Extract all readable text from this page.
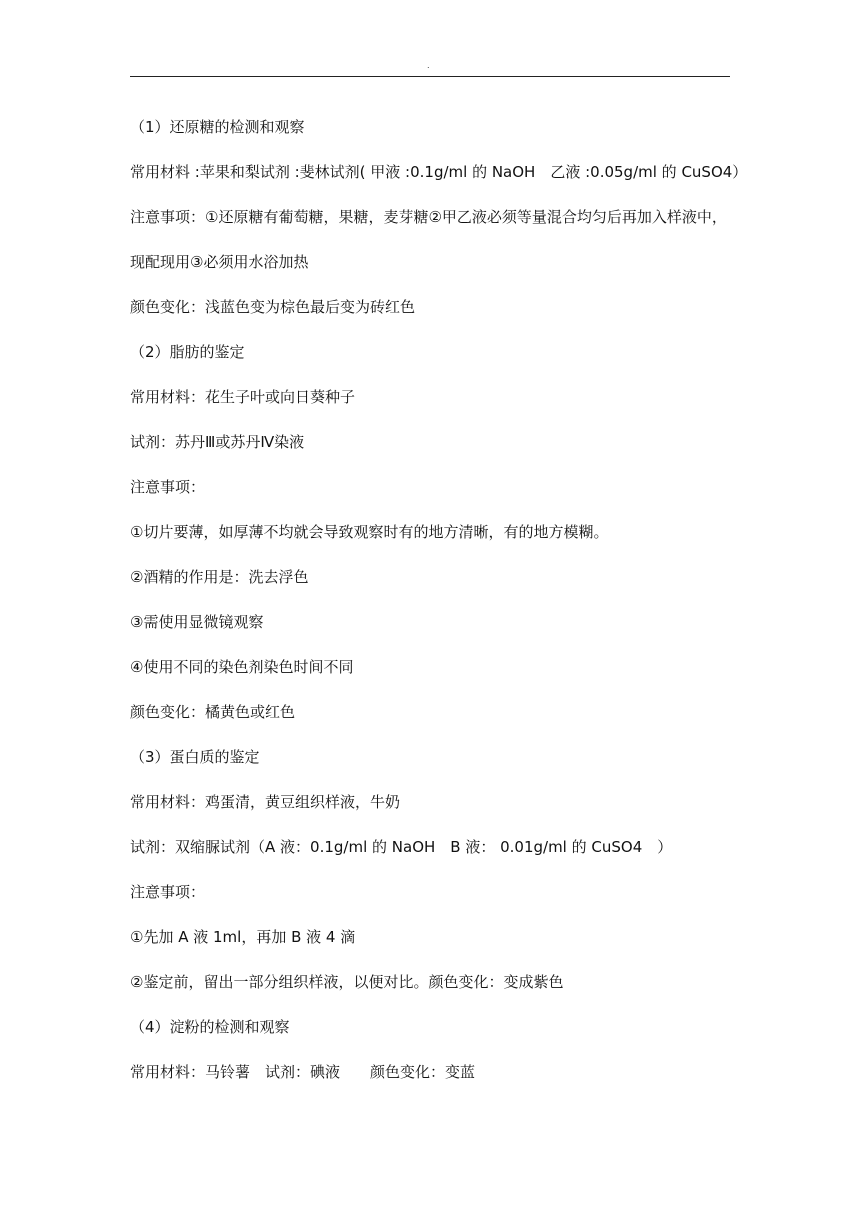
.
（1）还原糖的检测和观察
常用材料 :苹果和梨试剂 :斐林试剂( 甲液 :0.1g/ml 的 NaOH　乙液 :0.05g/ml 的 CuSO4）
注意事项：①还原糖有葡萄糖，果糖，麦芽糖②甲乙液必须等量混合均匀后再加入样液中，
现配现用③必须用水浴加热
颜色变化：浅蓝色变为棕色最后变为砖红色
（2）脂肪的鉴定
常用材料：花生子叶或向日葵种子
试剂：苏丹Ⅲ或苏丹Ⅳ染液
注意事项：
①切片要薄，如厚薄不均就会导致观察时有的地方清晰，有的地方模糊。
②酒精的作用是：洗去浮色
③需使用显微镜观察
④使用不同的染色剂染色时间不同
颜色变化：橘黄色或红色
（3）蛋白质的鉴定
常用材料：鸡蛋清，黄豆组织样液，牛奶
试剂：双缩脲试剂（A 液：0.1g/ml 的 NaOH　B 液： 0.01g/ml 的 CuSO4　）
注意事项：
①先加 A 液 1ml，再加 B 液 4 滴
②鉴定前，留出一部分组织样液，以便对比。颜色变化：变成紫色
（4）淀粉的检测和观察
常用材料：马铃薯　试剂：碘液　　颜色变化：变蓝
